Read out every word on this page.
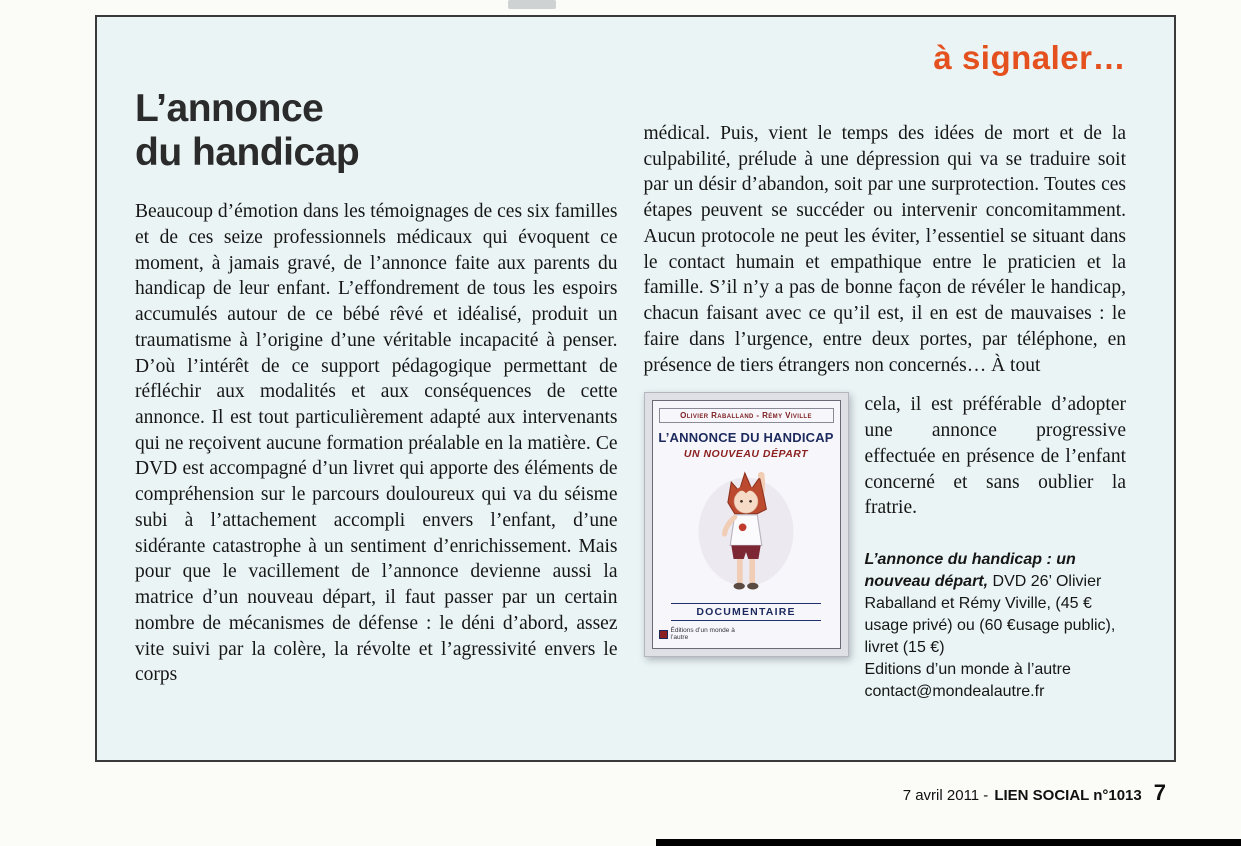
à signaler…
L’annonce
du handicap
Beaucoup d’émotion dans les témoignages de ces six familles et de ces seize professionnels médicaux qui évoquent ce moment, à jamais gravé, de l’annonce faite aux parents du handicap de leur enfant. L’effondrement de tous les espoirs accumulés autour de ce bébé rêvé et idéalisé, produit un traumatisme à l’origine d’une véritable incapacité à penser. D’où l’intérêt de ce support pédagogique permettant de réfléchir aux modalités et aux conséquences de cette annonce. Il est tout particulièrement adapté aux intervenants qui ne reçoivent aucune formation préalable en la matière. Ce DVD est accompagné d’un livret qui apporte des éléments de compréhension sur le parcours douloureux qui va du séisme subi à l’attachement accompli envers l’enfant, d’une sidérante catastrophe à un sentiment d’enrichissement. Mais pour que le vacillement de l’annonce devienne aussi la matrice d’un nouveau départ, il faut passer par un certain nombre de mécanismes de défense : le déni d’abord, assez vite suivi par la colère, la révolte et l’agressivité envers le corps
médical. Puis, vient le temps des idées de mort et de la culpabilité, prélude à une dépression qui va se traduire soit par un désir d’abandon, soit par une surprotection. Toutes ces étapes peuvent se succéder ou intervenir concomitamment. Aucun protocole ne peut les éviter, l’essentiel se situant dans le contact humain et empathique entre le praticien et la famille. S’il n’y a pas de bonne façon de révéler le handicap, chacun faisant avec ce qu’il est, il en est de mauvaises : le faire dans l’urgence, entre deux portes, par téléphone, en présence de tiers étrangers non concernés… À tout
Olivier Raballand - Rémy Viville
L’ANNONCE DU HANDICAP
UN NOUVEAU DÉPART
DOCUMENTAIRE
Éditions d’un monde à l’autre
cela, il est préférable d’adopter une annonce progressive effectuée en présence de l’enfant concerné et sans oublier la fratrie.

L’annonce du handicap : un nouveau départ, DVD 26’ Olivier Raballand et Rémy Viville, (45 € usage privé) ou (60 €usage public), livret (15 €)

Editions d’un monde à l’autre

contact@mondealautre.fr

7 avril 2011 - LIEN SOCIAL n°1013 7
